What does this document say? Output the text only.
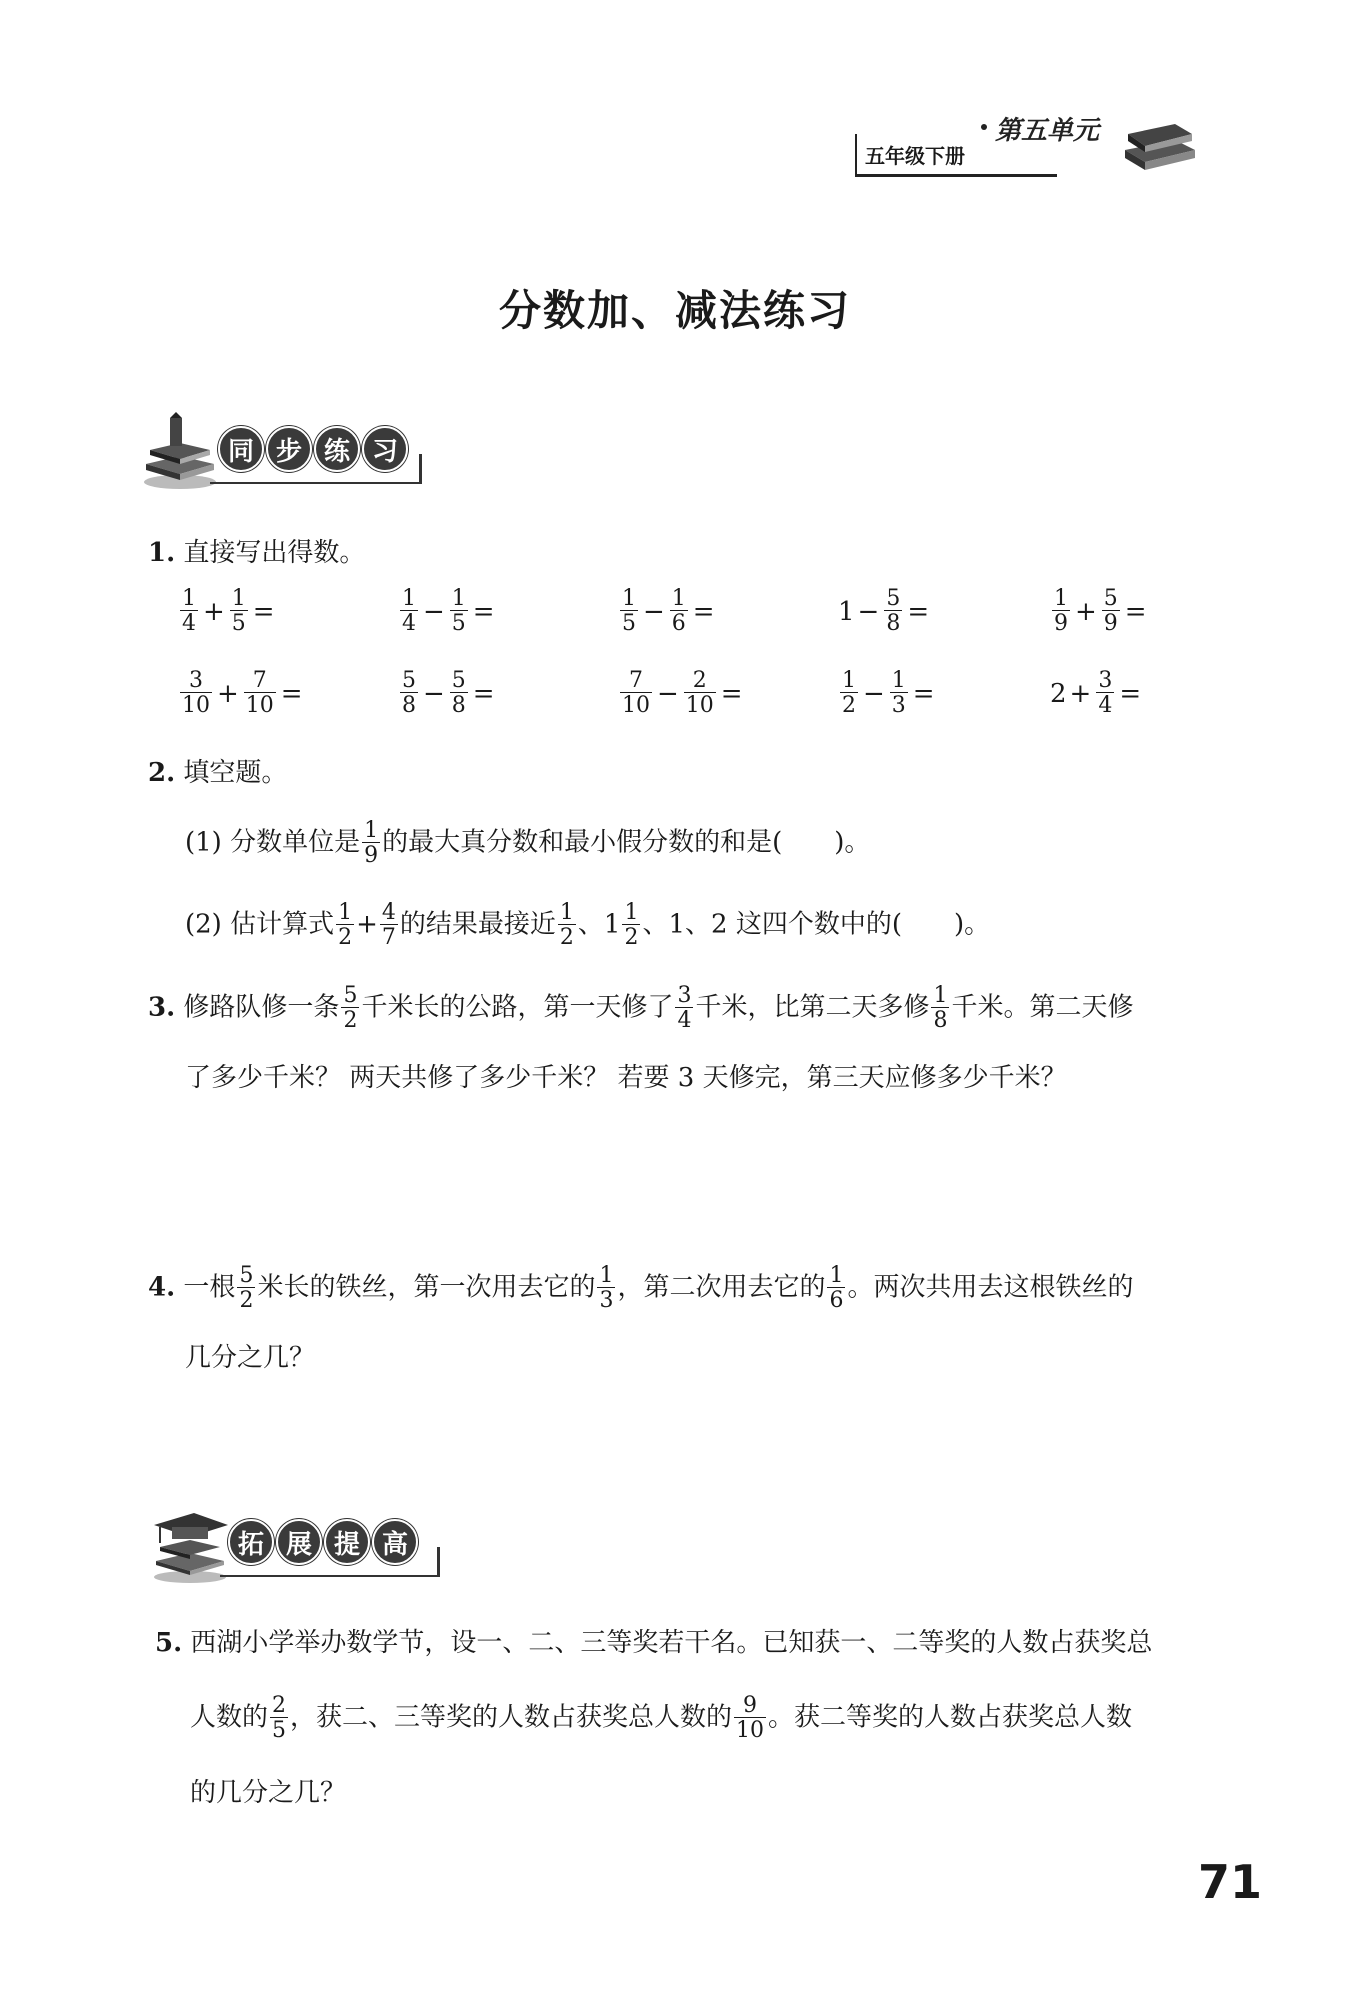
五年级下册
第五单元
分数加、减法练习
同 步 练 习
1. 直接写出得数。
$\frac{1}{4} + \frac{1}{5}$ =	$\frac{1}{4} - \frac{1}{5}$ =	$\frac{1}{5} - \frac{1}{6}$ =	$1 - \frac{5}{8}$ =	$\frac{1}{9} + \frac{5}{9}$ =
$\frac{3}{10} + \frac{7}{10}$ =	$\frac{5}{8} - \frac{5}{8}$ =	$\frac{7}{10} - \frac{2}{10}$ =	$\frac{1}{2} - \frac{1}{3}$ =	$2 + \frac{3}{4}$ =
2. 填空题。
(1) 分数单位是 $\frac{1}{9}$ 的最大真分数和最小假分数的和是(　　)。
(2) 估计算式 $\frac{1}{2} + \frac{4}{7}$ 的结果最接近 $\frac{1}{2}$ 、$1 \frac{1}{2}$ 、1、2 这四个数中的(　　)。
3. 修路队修一条 $\frac{5}{2}$ 千米长的公路，第一天修了 $\frac{3}{4}$ 千米，比第二天多修 $\frac{1}{8}$ 千米。第二天修
了多少千米？ 两天共修了多少千米？ 若要 3 天修完，第三天应修多少千米？
4. 一根 $\frac{5}{2}$ 米长的铁丝，第一次用去它的 $\frac{1}{3}$ ，第二次用去它的 $\frac{1}{6}$ 。两次共用去这根铁丝的
几分之几？
拓 展 提 高
5. 西湖小学举办数学节，设一、二、三等奖若干名。已知获一、二等奖的人数占获奖总
人数的 $\frac{2}{5}$ ，获二、三等奖的人数占获奖总人数的 $\frac{9}{10}$ 。获二等奖的人数占获奖总人数
的几分之几？
71
